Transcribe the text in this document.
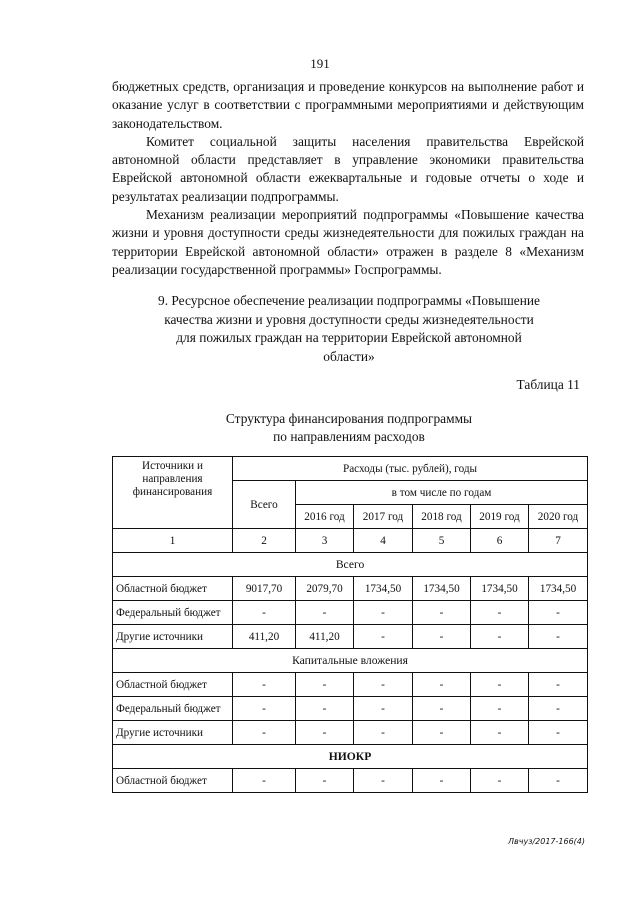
191

бюджетных средств, организация и проведение конкурсов на выполнение работ и оказание услуг в соответствии с программными мероприятиями и действующим законодательством.

Комитет социальной защиты населения правительства Еврейской автономной области представляет в управление экономики правительства Еврейской автономной области ежеквартальные и годовые отчеты о ходе и результатах реализации подпрограммы.

Механизм реализации мероприятий подпрограммы «Повышение качества жизни и уровня доступности среды жизнедеятельности для пожилых граждан на территории Еврейской автономной области» отражен в разделе 8 «Механизм реализации государственной программы» Госпрограммы.

9. Ресурсное обеспечение реализации подпрограммы «Повышение
качества жизни и уровня доступности среды жизнедеятельности
для пожилых граждан на территории Еврейской автономной
области»
Таблица 11
Структура финансирования подпрограммы
по направлениям расходов
Источники и направления финансирования	Расходы (тыс. рублей), годы					
	Всего	в том числе по годам				
		2016 год	2017 год	2018 год	2019 год	2020 год
1	2	3	4	5	6	7
Всего						
Областной бюджет	9017,70	2079,70	1734,50	1734,50	1734,50	1734,50
Федеральный бюджет	-	-	-	-	-	-
Другие источники	411,20	411,20	-	-	-	-
Капитальные вложения						
Областной бюджет	-	-	-	-	-	-
Федеральный бюджет	-	-	-	-	-	-
Другие источники	-	-	-	-	-	-
НИОКР						
Областной бюджет	-	-	-	-	-	-
Лвчуз/2017-166(4)
